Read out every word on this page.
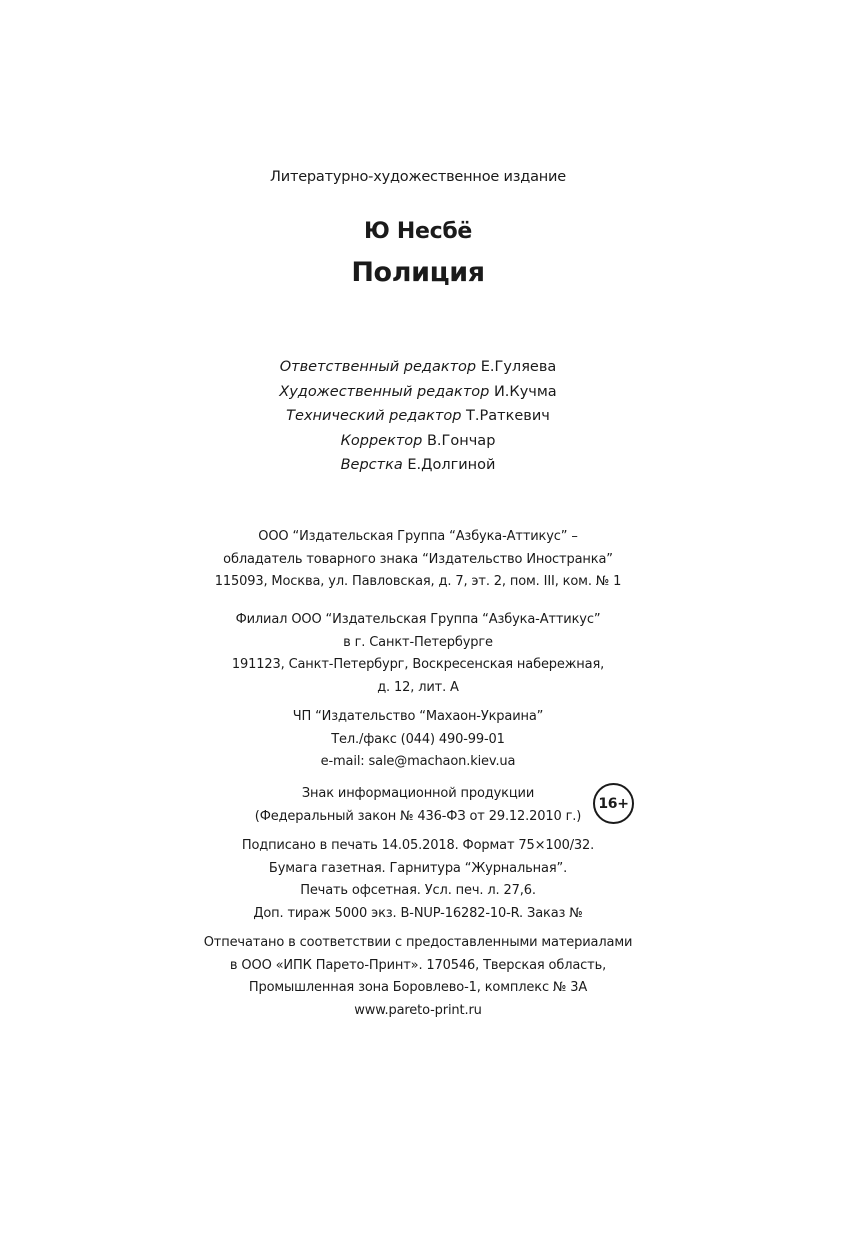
Литературно-художественное издание
Ю Несбё
Полиция
Ответственный редактор Е.Гуляева
Художественный редактор И.Кучма
Технический редактор Т.Раткевич
Корректор В.Гончар
Верстка Е.Долгиной
ООО “Издательская Группа “Азбука-Аттикус” –
обладатель товарного знака “Издательство Иностранка”
115093, Москва, ул. Павловская, д. 7, эт. 2, пом. III, ком. № 1
Филиал ООО “Издательская Группа “Азбука-Аттикус”
в г. Санкт-Петербурге
191123, Санкт-Петербург, Воскресенская набережная,
д. 12, лит. А
ЧП “Издательство “Махаон-Украина”
Тел./факс (044) 490-99-01
e-mail: sale@machaon.kiev.ua
Знак информационной продукции
(Федеральный закон № 436-ФЗ от 29.12.2010 г.)
16+
Подписано в печать 14.05.2018. Формат 75×100/32.
Бумага газетная. Гарнитура “Журнальная”.
Печать офсетная. Усл. печ. л. 27,6.
Доп. тираж 5000 экз. B-NUP-16282-10-R. Заказ №
Отпечатано в соответствии с предоставленными материалами
в ООО «ИПК Парето-Принт». 170546, Тверская область,
Промышленная зона Боровлево-1, комплекс № 3А
www.pareto-print.ru
